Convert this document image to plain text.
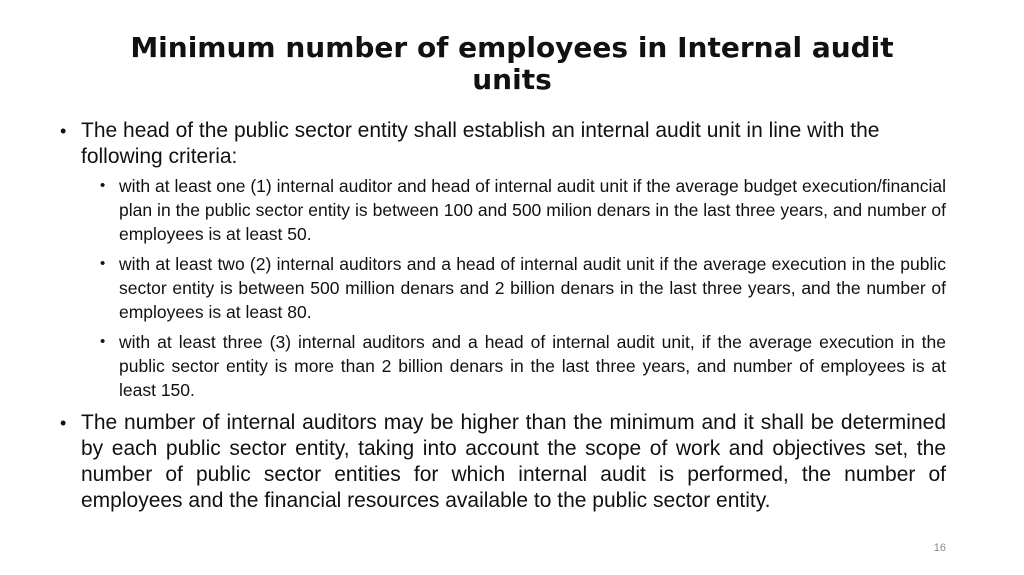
Minimum number of employees in Internal audit units
• The head of the public sector entity shall establish an internal audit unit in line with the following criteria:
• with at least one (1) internal auditor and head of internal audit unit if the average budget execution/financial plan in the public sector entity is between 100 and 500 milion denars in the last three years, and number of employees is at least 50.
• with at least two (2) internal auditors and a head of internal audit unit if the average execution in the public sector entity is between 500 million denars and 2 billion denars in the last three years, and the number of employees is at least 80.
• with at least three (3) internal auditors and a head of internal audit unit, if the average execution in the public sector entity is more than 2 billion denars in the last three years, and number of employees is at least 150.
• The number of internal auditors may be higher than the minimum and it shall be determined by each public sector entity, taking into account the scope of work and objectives set, the number of public sector entities for which internal audit is performed, the number of employees and the financial resources available to the public sector entity.
16
